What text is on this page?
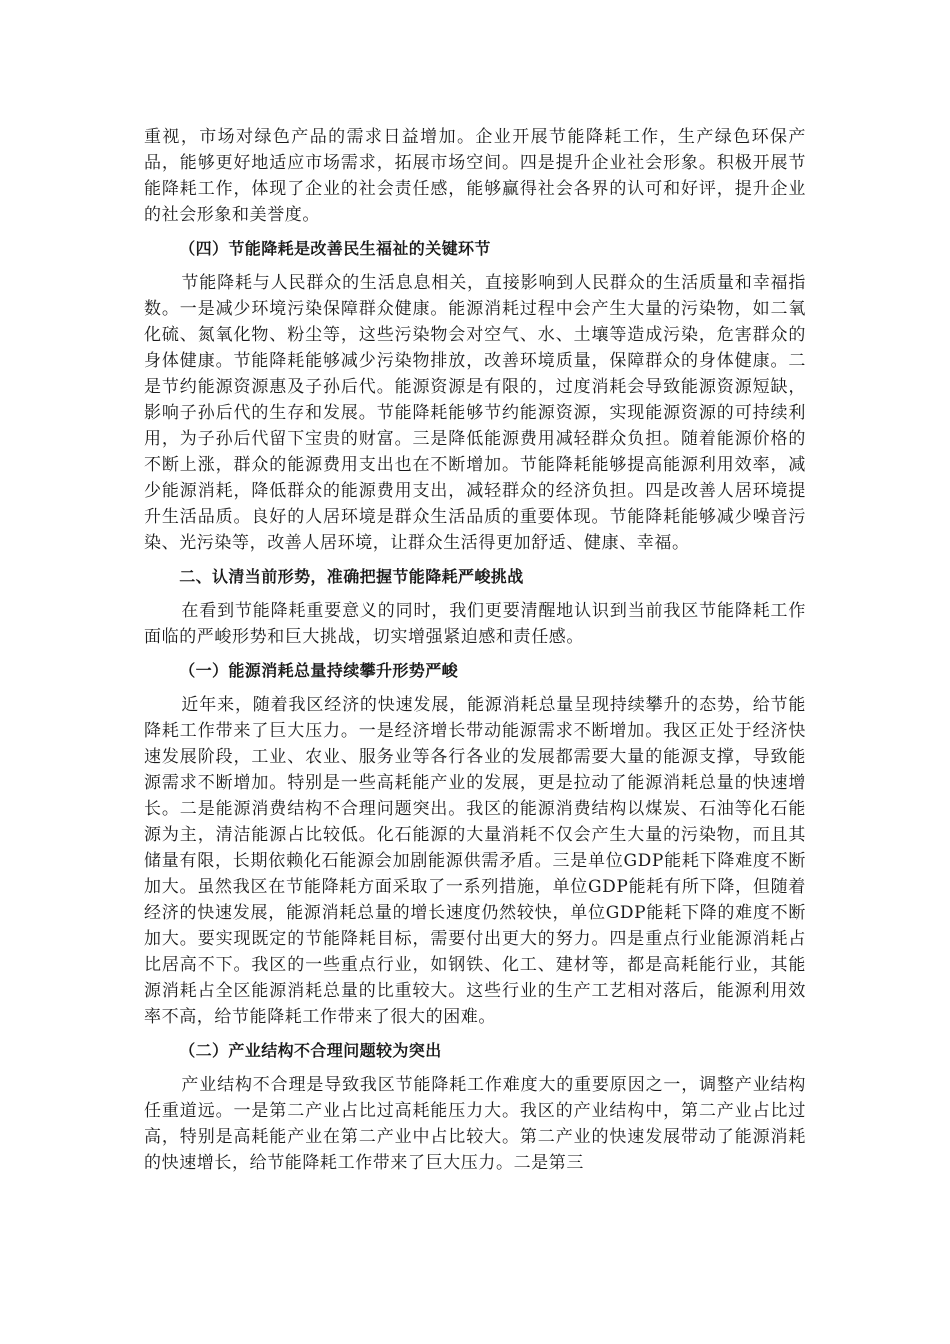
重视，市场对绿色产品的需求日益增加。企业开展节能降耗工作，生产绿色环保产品，能够更好地适应市场需求，拓展市场空间。四是提升企业社会形象。积极开展节能降耗工作，体现了企业的社会责任感，能够赢得社会各界的认可和好评，提升企业的社会形象和美誉度。

（四）节能降耗是改善民生福祉的关键环节

节能降耗与人民群众的生活息息相关，直接影响到人民群众的生活质量和幸福指数。一是减少环境污染保障群众健康。能源消耗过程中会产生大量的污染物，如二氧化硫、氮氧化物、粉尘等，这些污染物会对空气、水、土壤等造成污染，危害群众的身体健康。节能降耗能够减少污染物排放，改善环境质量，保障群众的身体健康。二是节约能源资源惠及子孙后代。能源资源是有限的，过度消耗会导致能源资源短缺，影响子孙后代的生存和发展。节能降耗能够节约能源资源，实现能源资源的可持续利用，为子孙后代留下宝贵的财富。三是降低能源费用减轻群众负担。随着能源价格的不断上涨，群众的能源费用支出也在不断增加。节能降耗能够提高能源利用效率，减少能源消耗，降低群众的能源费用支出，减轻群众的经济负担。四是改善人居环境提升生活品质。良好的人居环境是群众生活品质的重要体现。节能降耗能够减少噪音污染、光污染等，改善人居环境，让群众生活得更加舒适、健康、幸福。

二、认清当前形势，准确把握节能降耗严峻挑战

在看到节能降耗重要意义的同时，我们更要清醒地认识到当前我区节能降耗工作面临的严峻形势和巨大挑战，切实增强紧迫感和责任感。

（一）能源消耗总量持续攀升形势严峻

近年来，随着我区经济的快速发展，能源消耗总量呈现持续攀升的态势，给节能降耗工作带来了巨大压力。一是经济增长带动能源需求不断增加。我区正处于经济快速发展阶段，工业、农业、服务业等各行各业的发展都需要大量的能源支撑，导致能源需求不断增加。特别是一些高耗能产业的发展，更是拉动了能源消耗总量的快速增长。二是能源消费结构不合理问题突出。我区的能源消费结构以煤炭、石油等化石能源为主，清洁能源占比较低。化石能源的大量消耗不仅会产生大量的污染物，而且其储量有限，长期依赖化石能源会加剧能源供需矛盾。三是单位GDP能耗下降难度不断加大。虽然我区在节能降耗方面采取了一系列措施，单位GDP能耗有所下降，但随着经济的快速发展，能源消耗总量的增长速度仍然较快，单位GDP能耗下降的难度不断加大。要实现既定的节能降耗目标，需要付出更大的努力。四是重点行业能源消耗占比居高不下。我区的一些重点行业，如钢铁、化工、建材等，都是高耗能行业，其能源消耗占全区能源消耗总量的比重较大。这些行业的生产工艺相对落后，能源利用效率不高，给节能降耗工作带来了很大的困难。

（二）产业结构不合理问题较为突出

产业结构不合理是导致我区节能降耗工作难度大的重要原因之一，调整产业结构任重道远。一是第二产业占比过高耗能压力大。我区的产业结构中，第二产业占比过高，特别是高耗能产业在第二产业中占比较大。第二产业的快速发展带动了能源消耗的快速增长，给节能降耗工作带来了巨大压力。二是第三
